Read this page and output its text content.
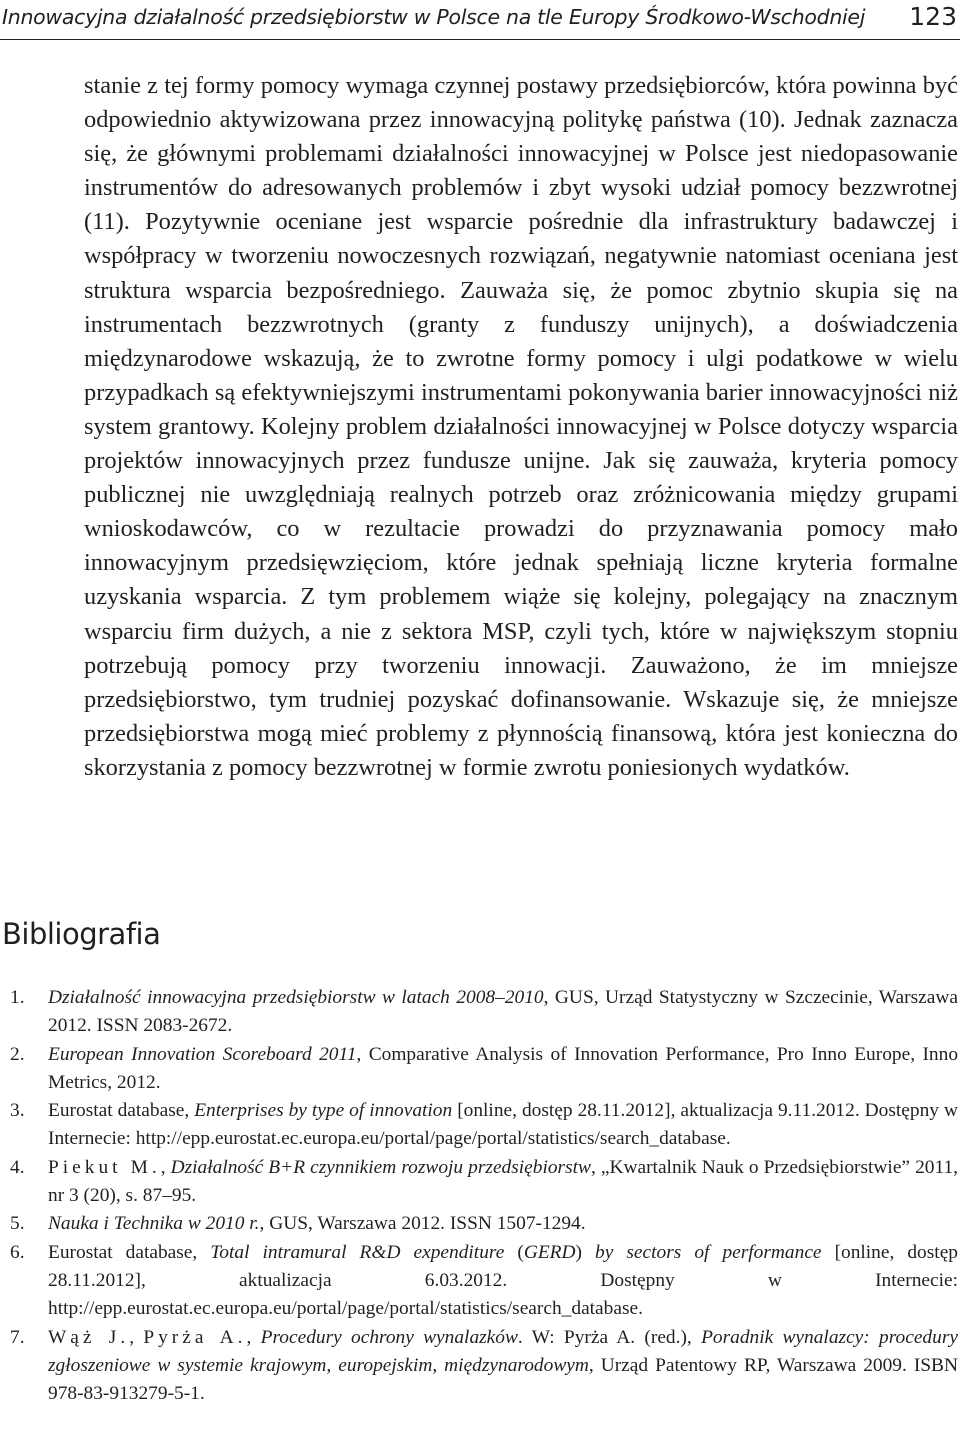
Innowacyjna działalność przedsiębiorstw w Polsce na tle Europy Środkowo-Wschodniej 123

stanie z tej formy pomocy wymaga czynnej postawy przedsiębiorców, która powinna być odpowiednio aktywizowana przez innowacyjną politykę państwa (10). Jednak zaznacza się, że głównymi problemami działalności innowacyjnej w Polsce jest niedopasowanie instrumentów do adresowanych problemów i zbyt wysoki udział pomocy bezzwrotnej (11). Pozytywnie oceniane jest wsparcie pośrednie dla infrastruktury badawczej i współpracy w tworzeniu nowoczesnych rozwiązań, negatywnie natomiast oceniana jest struktura wsparcia bezpośredniego. Zauważa się, że pomoc zbytnio skupia się na instrumentach bezzwrotnych (granty z funduszy unijnych), a doświadczenia międzynarodowe wskazują, że to zwrotne formy pomocy i ulgi podatkowe w wielu przypadkach są efektywniejszymi instrumentami pokonywania barier innowacyjności niż system grantowy. Kolejny problem działalności innowacyjnej w Polsce dotyczy wsparcia projektów innowacyjnych przez fundusze unijne. Jak się zauważa, kryteria pomocy publicznej nie uwzględniają realnych potrzeb oraz zróżnicowania między grupami wnioskodawców, co w rezultacie prowadzi do przyznawania pomocy mało innowacyjnym przedsięwzięciom, które jednak spełniają liczne kryteria formalne uzyskania wsparcia. Z tym problemem wiąże się kolejny, polegający na znacznym wsparciu firm dużych, a nie z sektora MSP, czyli tych, które w największym stopniu potrzebują pomocy przy tworzeniu innowacji. Zauważono, że im mniejsze przedsiębiorstwo, tym trudniej pozyskać dofinansowanie. Wskazuje się, że mniejsze przedsiębiorstwa mogą mieć problemy z płynnością finansową, która jest konieczna do skorzystania z pomocy bezzwrotnej w formie zwrotu poniesionych wydatków.

Bibliografia
1. Działalność innowacyjna przedsiębiorstw w latach 2008–2010, GUS, Urząd Statystyczny w Szczecinie, Warszawa 2012. ISSN 2083-2672.
2. European Innovation Scoreboard 2011, Comparative Analysis of Innovation Performance, Pro Inno Europe, Inno Metrics, 2012.
3. Eurostat database, Enterprises by type of innovation [online, dostęp 28.11.2012], aktualizacja 9.11.2012. Dostępny w Internecie: http://epp.eurostat.ec.europa.eu/portal/page/portal/statistics/search_database.
4. Piekut M., Działalność B+R czynnikiem rozwoju przedsiębiorstw, „Kwartalnik Nauk o Przedsiębiorstwie” 2011, nr 3 (20), s. 87–95.
5. Nauka i Technika w 2010 r., GUS, Warszawa 2012. ISSN 1507-1294.
6. Eurostat database, Total intramural R&D expenditure (GERD) by sectors of performance [online, dostęp 28.11.2012], aktualizacja 6.03.2012. Dostępny w Internecie: http://epp.eurostat.ec.europa.eu/portal/page/portal/statistics/search_database.
7. Wąż J., Pyrża A., Procedury ochrony wynalazków. W: Pyrża A. (red.), Poradnik wynalazcy: procedury zgłoszeniowe w systemie krajowym, europejskim, międzynarodowym, Urząd Patentowy RP, Warszawa 2009. ISBN 978-83-913279-5-1.
